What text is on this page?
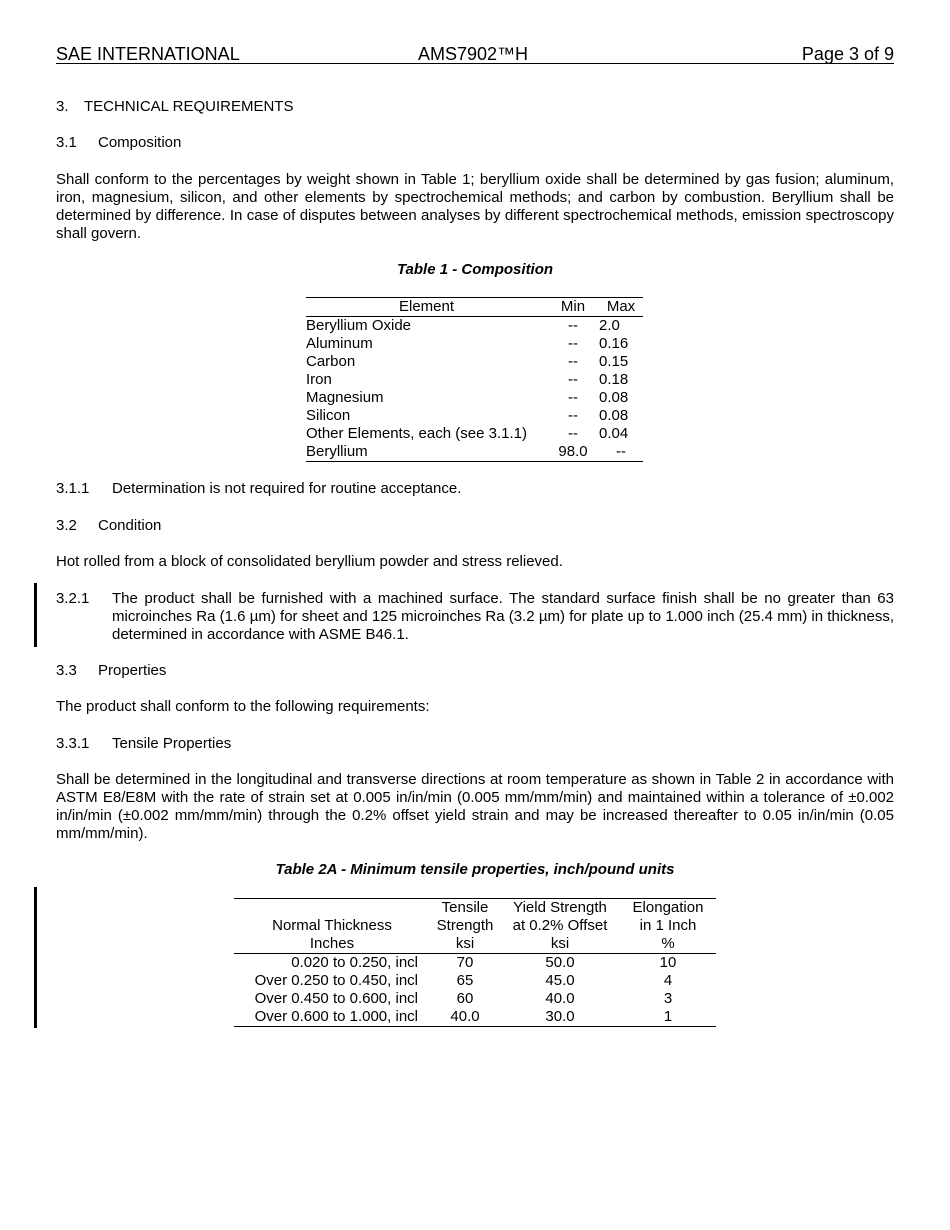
SAE INTERNATIONAL	AMS7902™H	Page 3 of 9
3. TECHNICAL REQUIREMENTS
3.1 Composition
Shall conform to the percentages by weight shown in Table 1; beryllium oxide shall be determined by gas fusion; aluminum, iron, magnesium, silicon, and other elements by spectrochemical methods; and carbon by combustion. Beryllium shall be determined by difference. In case of disputes between analyses by different spectrochemical methods, emission spectroscopy shall govern.
Table 1 - Composition
Element	Min	Max
Beryllium Oxide	--	2.0
Aluminum	--	0.16
Carbon	--	0.15
Iron	--	0.18
Magnesium	--	0.08
Silicon	--	0.08
Other Elements, each (see 3.1.1)	--	0.04
Beryllium	98.0	--
3.1.1 Determination is not required for routine acceptance.
3.2 Condition
Hot rolled from a block of consolidated beryllium powder and stress relieved.
3.2.1 The product shall be furnished with a machined surface. The standard surface finish shall be no greater than 63 microinches Ra (1.6 µm) for sheet and 125 microinches Ra (3.2 µm) for plate up to 1.000 inch (25.4 mm) in thickness, determined in accordance with ASME B46.1.
3.3 Properties
The product shall conform to the following requirements:
3.3.1 Tensile Properties
Shall be determined in the longitudinal and transverse directions at room temperature as shown in Table 2 in accordance with ASTM E8/E8M with the rate of strain set at 0.005 in/in/min (0.005 mm/mm/min) and maintained within a tolerance of ±0.002 in/in/min (±0.002 mm/mm/min) through the 0.2% offset yield strain and may be increased thereafter to 0.05 in/in/min (0.05 mm/mm/min).
Table 2A - Minimum tensile properties, inch/pound units
	Tensile	Yield Strength	Elongation
Normal Thickness	Strength	at 0.2% Offset	in 1 Inch
Inches	ksi	ksi	%
0.020 to 0.250, incl	70	50.0	10
Over 0.250 to 0.450, incl	65	45.0	4
Over 0.450 to 0.600, incl	60	40.0	3
Over 0.600 to 1.000, incl	40.0	30.0	1
